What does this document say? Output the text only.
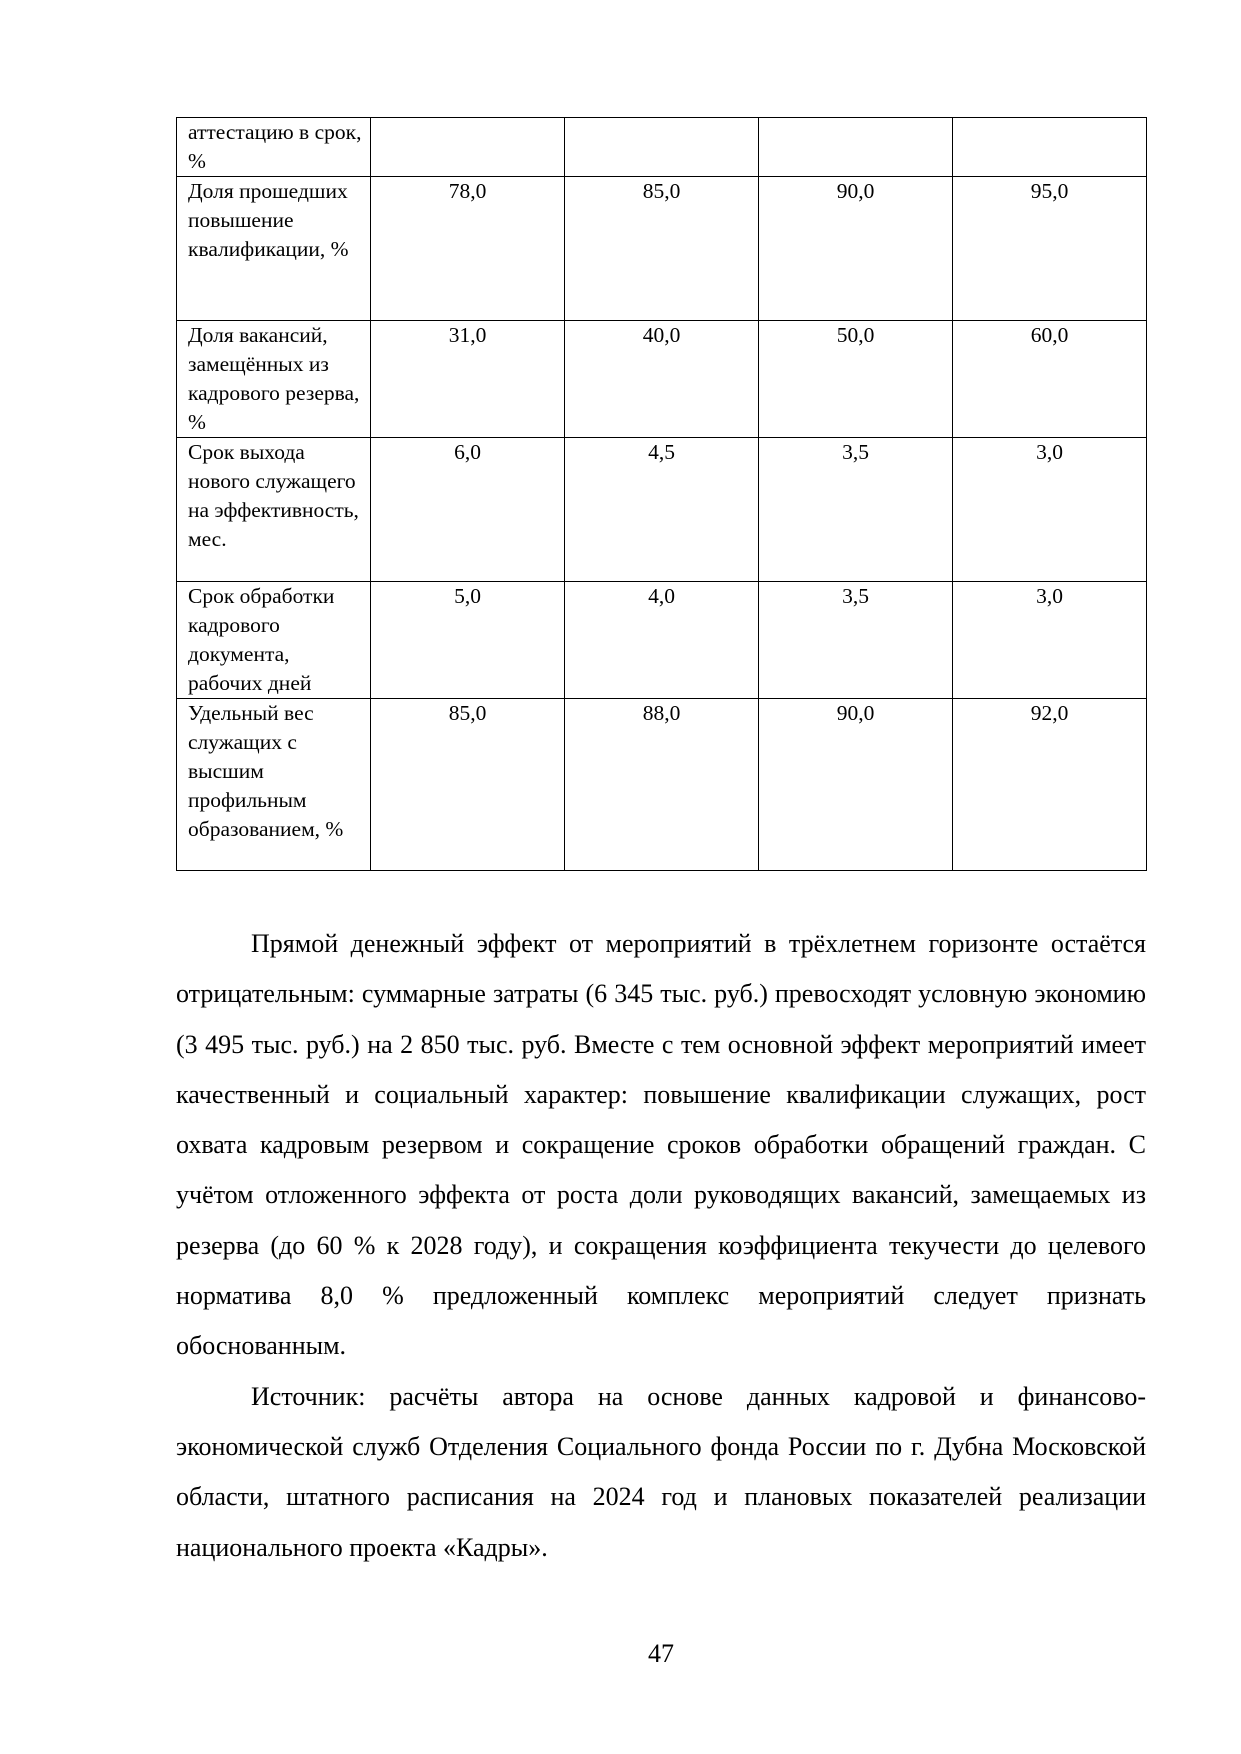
аттестацию в срок, %				
Доля прошедших повышение квалификации, %	78,0	85,0	90,0	95,0
Доля вакансий, замещённых из кадрового резерва, %	31,0	40,0	50,0	60,0
Срок выхода нового служащего на эффективность, мес.	6,0	4,5	3,5	3,0
Срок обработки кадрового документа, рабочих дней	5,0	4,0	3,5	3,0
Удельный вес служащих с высшим профильным образованием, %	85,0	88,0	90,0	92,0

Прямой денежный эффект от мероприятий в трёхлетнем горизонте остаётся отрицательным: суммарные затраты (6 345 тыс. руб.) превосходят условную экономию (3 495 тыс. руб.) на 2 850 тыс. руб. Вместе с тем основной эффект мероприятий имеет качественный и социальный характер: повышение квалификации служащих, рост охвата кадровым резервом и сокращение сроков обработки обращений граждан. С учётом отложенного эффекта от роста доли руководящих вакансий, замещаемых из резерва (до 60 % к 2028 году), и сокращения коэффициента текучести до целевого норматива 8,0 % предложенный комплекс мероприятий следует признать обоснованным.

Источник: расчёты автора на основе данных кадровой и финансово-экономической служб Отделения Социального фонда России по г. Дубна Московской области, штатного расписания на 2024 год и плановых показателей реализации национального проекта «Кадры».

47
